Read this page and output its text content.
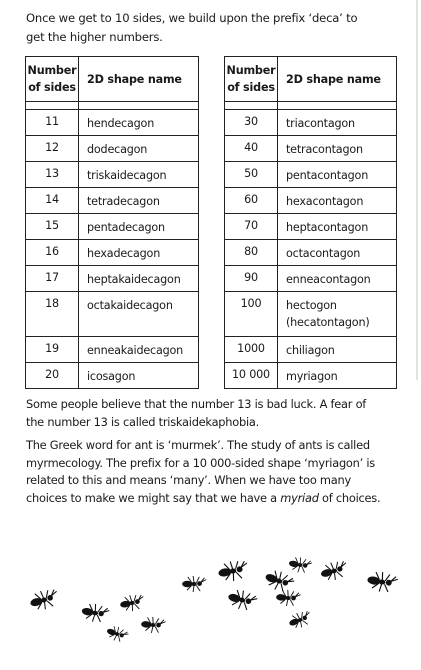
Once we get to 10 sides, we build upon the prefix ‘deca’ to get the higher numbers.
Number
of sides	2D shape name

11	hendecagon
12	dodecagon
13	triskaidecagon
14	tetradecagon
15	pentadecagon
16	hexadecagon
17	heptakaidecagon
18	octakaidecagon
19	enneakaidecagon
20	icosagon
Number
of sides	2D shape name

30	triacontagon
40	tetracontagon
50	pentacontagon
60	hexacontagon
70	heptacontagon
80	octacontagon
90	enneacontagon
100	hectogon
(hecatontagon)
1000	chiliagon
10 000	myriagon
Some people believe that the number 13 is bad luck. A fear of the number 13 is called triskaidekaphobia.
The Greek word for ant is ‘murmek’. The study of ants is called myrmecology. The prefix for a 10 000-sided shape ‘myriagon’ is related to this and means ‘many’. When we have too many choices to make we might say that we have a myriad of choices.
